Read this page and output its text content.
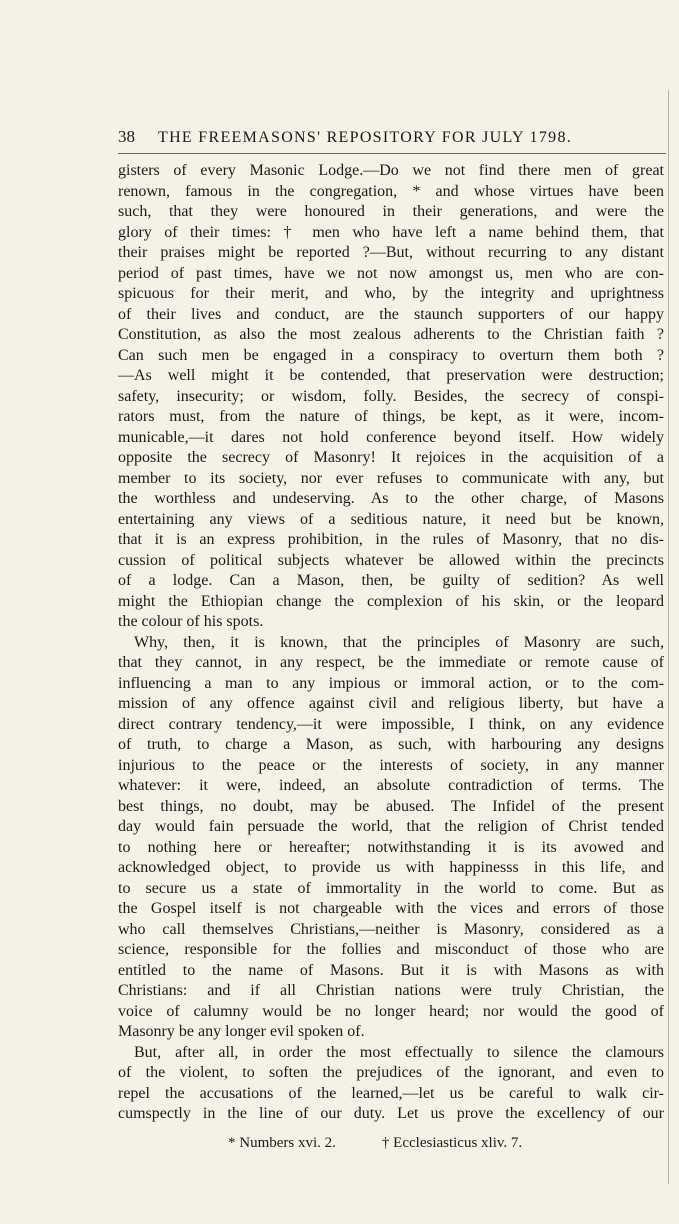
38	THE FREEMASONS' REPOSITORY FOR JULY 1798.
gisters of every Masonic Lodge.—Do we not find there men of great
renown, famous in the congregation, * and whose virtues have been
such, that they were honoured in their generations, and were the
glory of their times: † men who have left a name behind them, that
their praises might be reported ?—But, without recurring to any distant
period of past times, have we not now amongst us, men who are con-
spicuous for their merit, and who, by the integrity and uprightness
of their lives and conduct, are the staunch supporters of our happy
Constitution, as also the most zealous adherents to the Christian faith ?
Can such men be engaged in a conspiracy to overturn them both ?
—As well might it be contended, that preservation were destruction;
safety, insecurity; or wisdom, folly. Besides, the secrecy of conspi-
rators must, from the nature of things, be kept, as it were, incom-
municable,—it dares not hold conference beyond itself. How widely
opposite the secrecy of Masonry! It rejoices in the acquisition of a
member to its society, nor ever refuses to communicate with any, but
the worthless and undeserving. As to the other charge, of Masons
entertaining any views of a seditious nature, it need but be known,
that it is an express prohibition, in the rules of Masonry, that no dis-
cussion of political subjects whatever be allowed within the precincts
of a lodge. Can a Mason, then, be guilty of sedition? As well
might the Ethiopian change the complexion of his skin, or the leopard
the colour of his spots.
Why, then, it is known, that the principles of Masonry are such,
that they cannot, in any respect, be the immediate or remote cause of
influencing a man to any impious or immoral action, or to the com-
mission of any offence against civil and religious liberty, but have a
direct contrary tendency,—it were impossible, I think, on any evidence
of truth, to charge a Mason, as such, with harbouring any designs
injurious to the peace or the interests of society, in any manner
whatever: it were, indeed, an absolute contradiction of terms. The
best things, no doubt, may be abused. The Infidel of the present
day would fain persuade the world, that the religion of Christ tended
to nothing here or hereafter; notwithstanding it is its avowed and
acknowledged object, to provide us with happinesss in this life, and
to secure us a state of immortality in the world to come. But as
the Gospel itself is not chargeable with the vices and errors of those
who call themselves Christians,—neither is Masonry, considered as a
science, responsible for the follies and misconduct of those who are
entitled to the name of Masons. But it is with Masons as with
Christians: and if all Christian nations were truly Christian, the
voice of calumny would be no longer heard; nor would the good of
Masonry be any longer evil spoken of.
But, after all, in order the most effectually to silence the clamours
of the violent, to soften the prejudices of the ignorant, and even to
repel the accusations of the learned,—let us be careful to walk cir-
cumspectly in the line of our duty. Let us prove the excellency of our
* Numbers xvi. 2.	† Ecclesiasticus xliv. 7.
